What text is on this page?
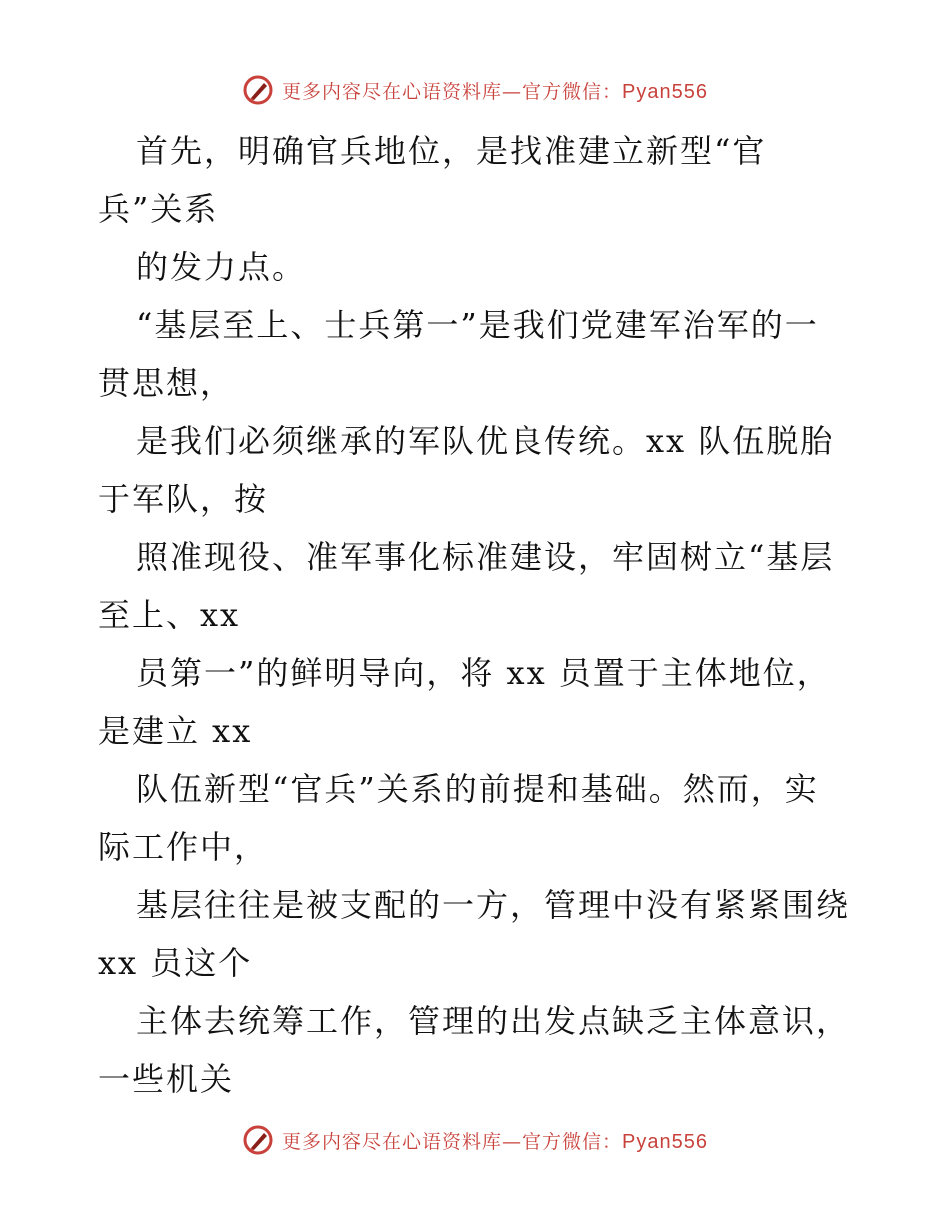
更多内容尽在心语资料库—官方微信：Pyan556
首先，明确官兵地位，是找准建立新型“官
兵”关系
的发力点。
“基层至上、士兵第一”是我们党建军治军的一
贯思想，
是我们必须继承的军队优良传统。xx 队伍脱胎
于军队，按
照准现役、准军事化标准建设，牢固树立“基层
至上、xx
员第一”的鲜明导向，将 xx 员置于主体地位，
是建立 xx
队伍新型“官兵”关系的前提和基础。然而，实
际工作中，
基层往往是被支配的一方，管理中没有紧紧围绕
xx 员这个
主体去统筹工作，管理的出发点缺乏主体意识，
一些机关
更多内容尽在心语资料库—官方微信：Pyan556
